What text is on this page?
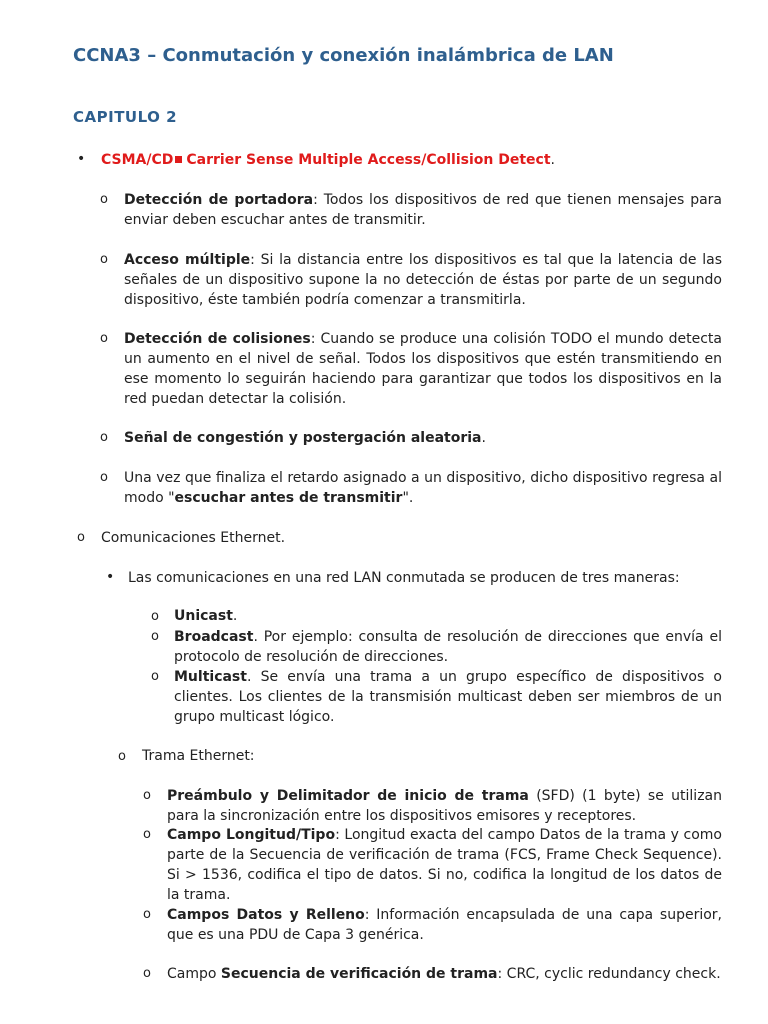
CCNA3 – Conmutación y conexión inalámbrica de LAN
CAPITULO 2
• CSMA/CD Carrier Sense Multiple Access/Collision Detect.
o Detección de portadora: Todos los dispositivos de red que tienen mensajes para enviar deben escuchar antes de transmitir.
o Acceso múltiple: Si la distancia entre los dispositivos es tal que la latencia de las señales de un dispositivo supone la no detección de éstas por parte de un segundo dispositivo, éste también podría comenzar a transmitirla.
o Detección de colisiones: Cuando se produce una colisión TODO el mundo detecta un aumento en el nivel de señal. Todos los dispositivos que estén transmitiendo en ese momento lo seguirán haciendo para garantizar que todos los dispositivos en la red puedan detectar la colisión.
o Señal de congestión y postergación aleatoria.
o Una vez que finaliza el retardo asignado a un dispositivo, dicho dispositivo regresa al modo "escuchar antes de transmitir".
o Comunicaciones Ethernet.
• Las comunicaciones en una red LAN conmutada se producen de tres maneras:
o Unicast.
o Broadcast. Por ejemplo: consulta de resolución de direcciones que envía el protocolo de resolución de direcciones.
o Multicast. Se envía una trama a un grupo específico de dispositivos o clientes. Los clientes de la transmisión multicast deben ser miembros de un grupo multicast lógico.
o Trama Ethernet:
o Preámbulo y Delimitador de inicio de trama (SFD) (1 byte) se utilizan para la sincronización entre los dispositivos emisores y receptores.
o Campo Longitud/Tipo: Longitud exacta del campo Datos de la trama y como parte de la Secuencia de verificación de trama (FCS, Frame Check Sequence). Si > 1536, codifica el tipo de datos. Si no, codifica la longitud de los datos de la trama.
o Campos Datos y Relleno: Información encapsulada de una capa superior, que es una PDU de Capa 3 genérica.
o Campo Secuencia de verificación de trama: CRC, cyclic redundancy check.
